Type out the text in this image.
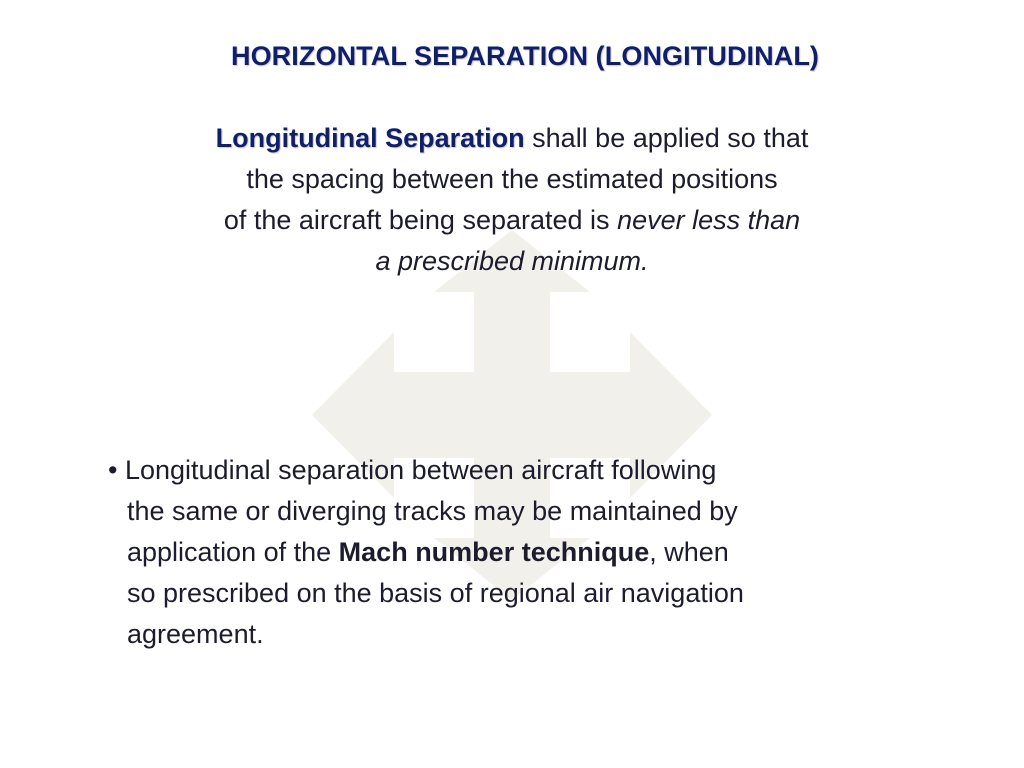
HORIZONTAL SEPARATION (LONGITUDINAL)

Longitudinal Separation shall be applied so that
the spacing between the estimated positions
of the aircraft being separated is never less than
a prescribed minimum.

• Longitudinal separation between aircraft following
the same or diverging tracks may be maintained by
application of the Mach number technique, when
so prescribed on the basis of regional air navigation
agreement.
